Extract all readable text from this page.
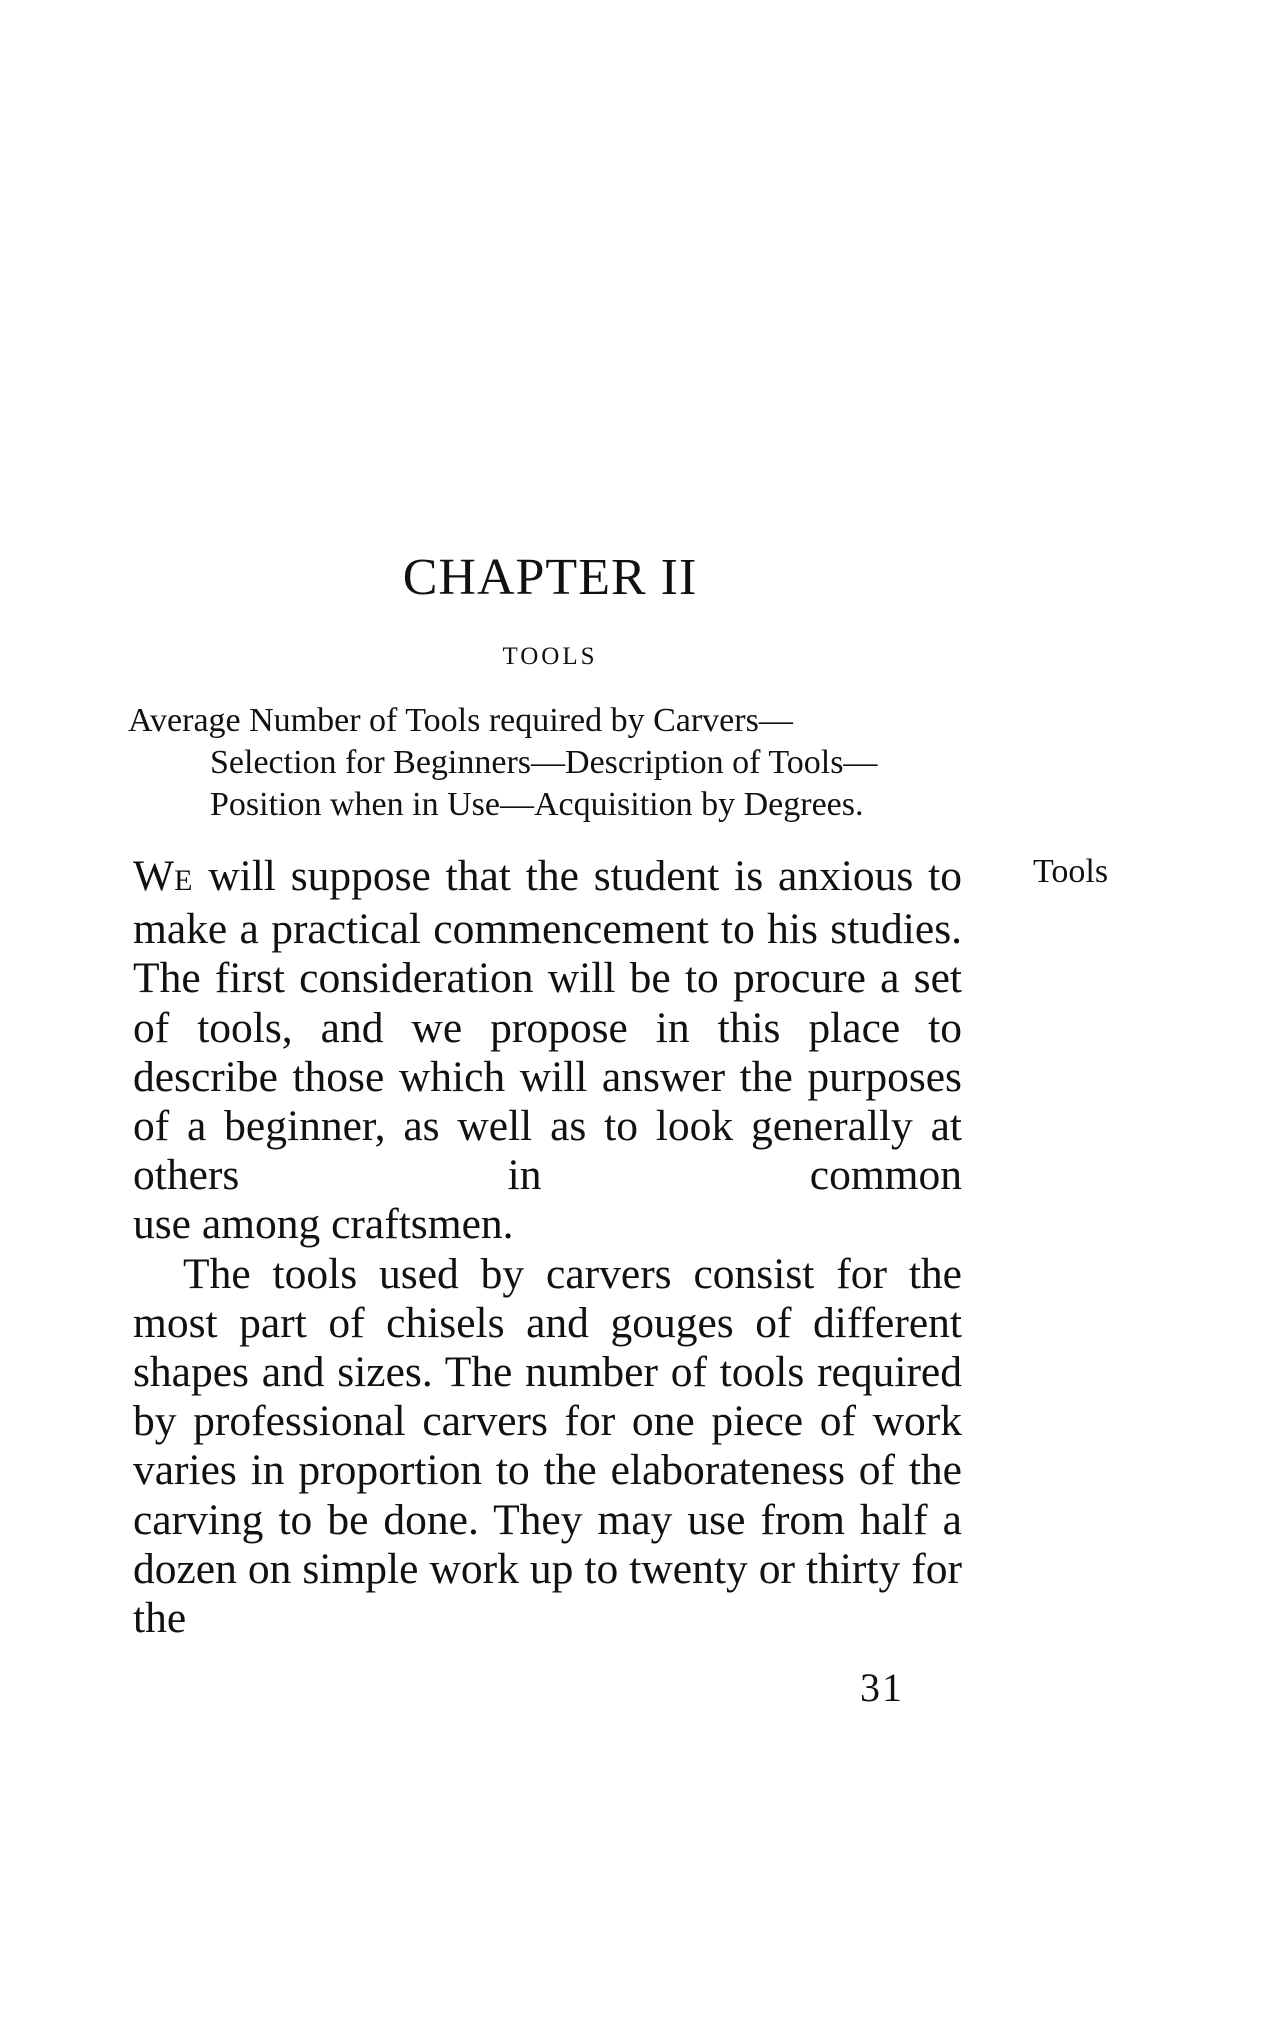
CHAPTER II
TOOLS
Average Number of Tools required by Carvers—
Selection for Beginners—Description of Tools—
Position when in Use—Acquisition by Degrees.
Tools

WE will suppose that the student is anxious to make a practical commencement to his studies. The first consideration will be to procure a set of tools, and we propose in this place to describe those which will answer the purposes of a beginner, as well as to look generally at others in common
use among craftsmen.

The tools used by carvers consist for the most part of chisels and gouges of different shapes and sizes. The number of tools required by professional carvers for one piece of work varies in proportion to the elaborateness of the carving to be done. They may use from half a dozen on simple work up to twenty or thirty for the

31
